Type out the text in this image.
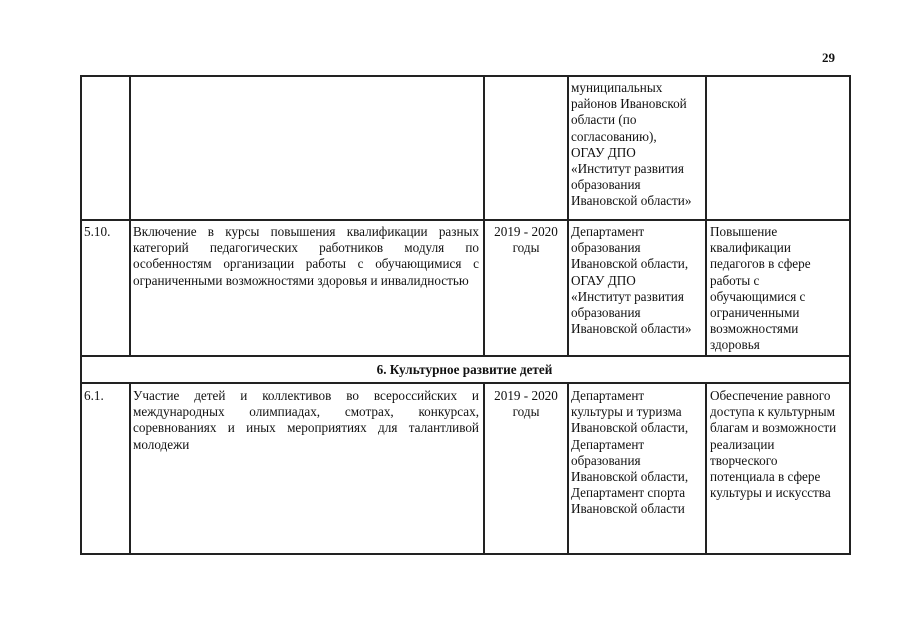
29
муниципальных
районов Ивановской
области (по
согласованию),
ОГАУ ДПО
«Институт развития
образования
Ивановской области»
5.10. Включение в курсы повышения квалификации разных категорий педагогических работников модуля по особенностям организации работы с обучающимися с ограниченными возможностями здоровья и инвалидностью
2019 - 2020 годы
Департамент
образования
Ивановской области,
ОГАУ ДПО
«Институт развития
образования
Ивановской области»
Повышение
квалификации
педагогов в сфере
работы с
обучающимися с
ограниченными
возможностями
здоровья
6. Культурное развитие детей
6.1. Участие детей и коллективов во всероссийских и международных олимпиадах, смотрах, конкурсах, соревнованиях и иных мероприятиях для талантливой молодежи
2019 - 2020 годы
Департамент
культуры и туризма
Ивановской области,
Департамент
образования
Ивановской области,
Департамент спорта
Ивановской области
Обеспечение равного
доступа к культурным
благам и возможности
реализации
творческого
потенциала в сфере
культуры и искусства
